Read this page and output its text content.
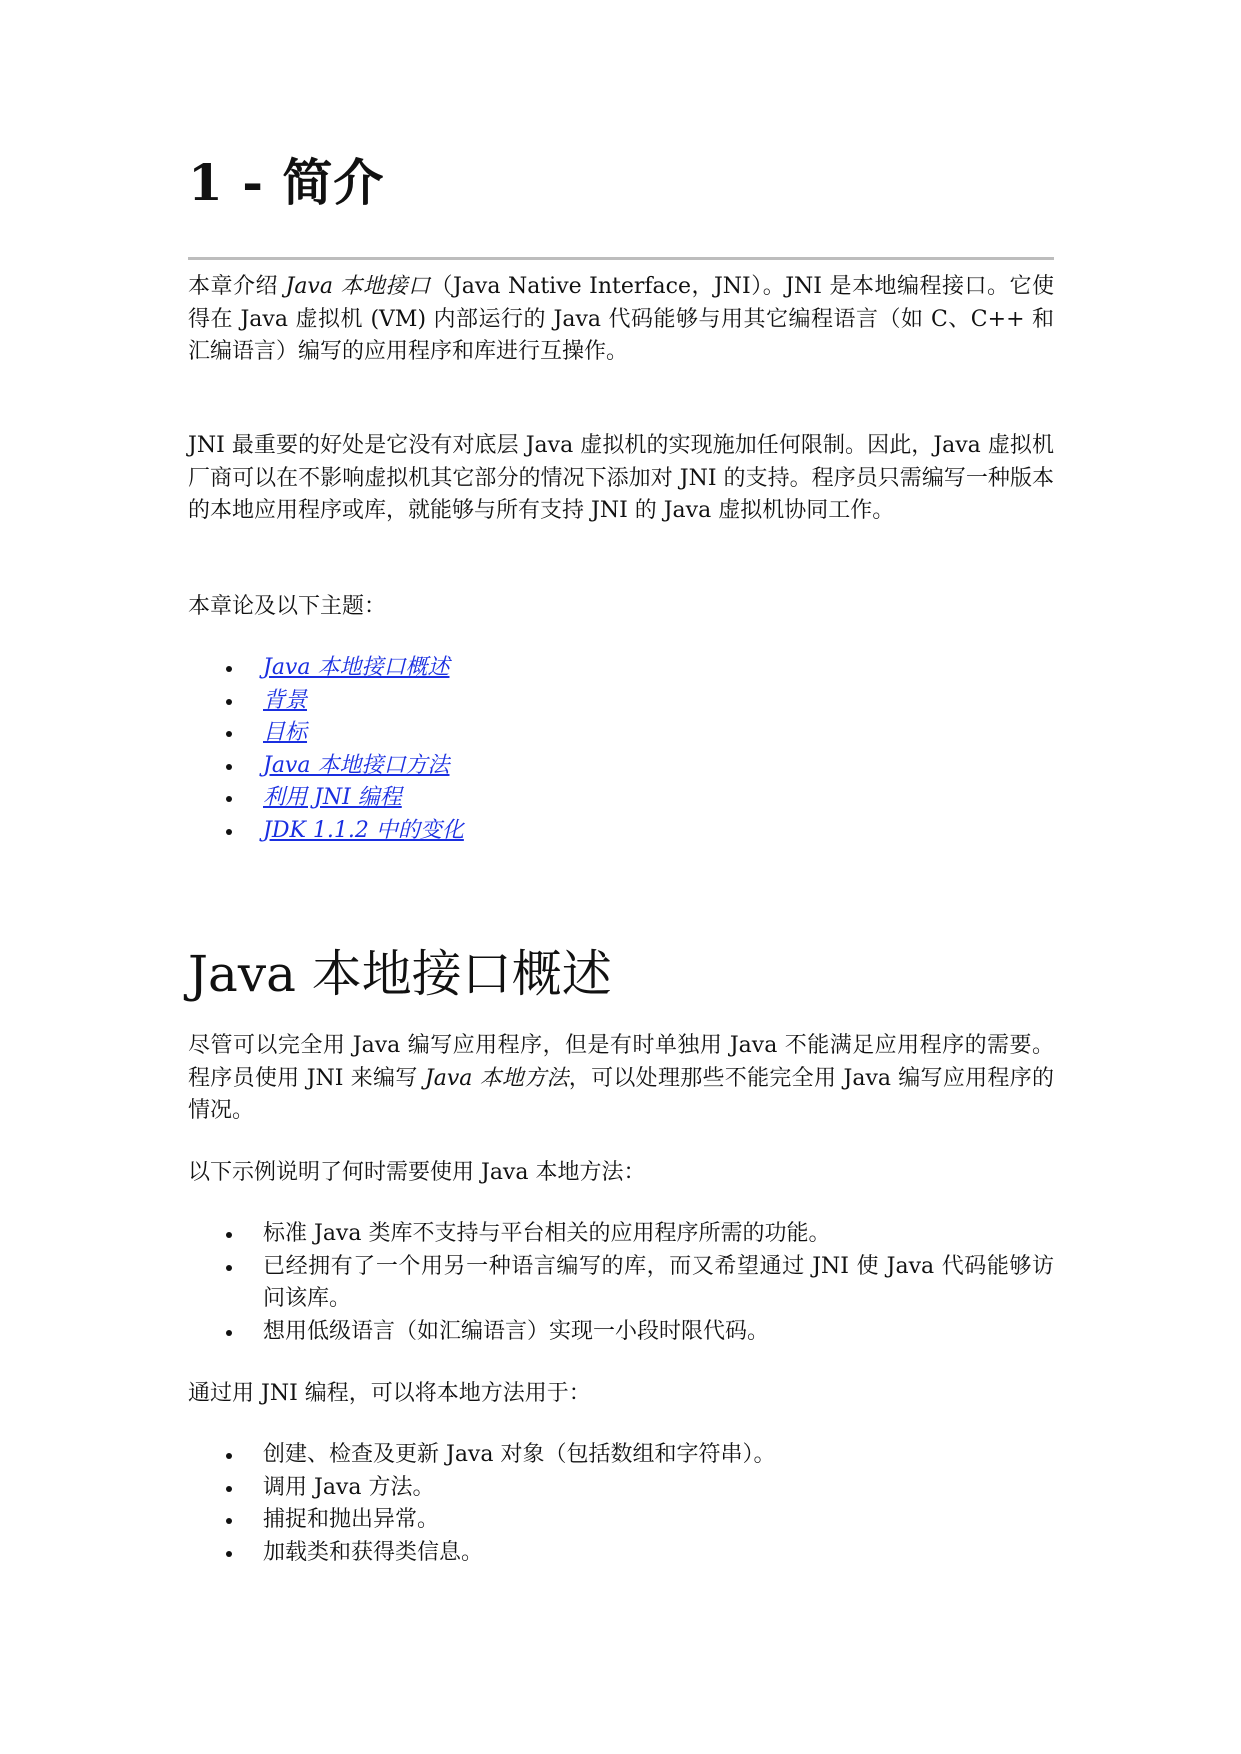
1 - 简介

本章介绍 Java 本地接口（Java Native Interface，JNI）。JNI 是本地编程接口。它使得在 Java 虚拟机 (VM) 内部运行的 Java 代码能够与用其它编程语言（如 C、C++ 和汇编语言）编写的应用程序和库进行互操作。

JNI 最重要的好处是它没有对底层 Java 虚拟机的实现施加任何限制。因此，Java 虚拟机厂商可以在不影响虚拟机其它部分的情况下添加对 JNI 的支持。程序员只需编写一种版本的本地应用程序或库，就能够与所有支持 JNI 的 Java 虚拟机协同工作。

本章论及以下主题：

Java 本地接口概述
背景
目标
Java 本地接口方法
利用 JNI 编程
JDK 1.1.2 中的变化
Java 本地接口概述

尽管可以完全用 Java 编写应用程序，但是有时单独用 Java 不能满足应用程序的需要。程序员使用 JNI 来编写 Java 本地方法，可以处理那些不能完全用 Java 编写应用程序的情况。

以下示例说明了何时需要使用 Java 本地方法：

标准 Java 类库不支持与平台相关的应用程序所需的功能。
已经拥有了一个用另一种语言编写的库，而又希望通过 JNI 使 Java 代码能够访问该库。
想用低级语言（如汇编语言）实现一小段时限代码。

通过用 JNI 编程，可以将本地方法用于：

创建、检查及更新 Java 对象（包括数组和字符串）。
调用 Java 方法。
捕捉和抛出异常。
加载类和获得类信息。
